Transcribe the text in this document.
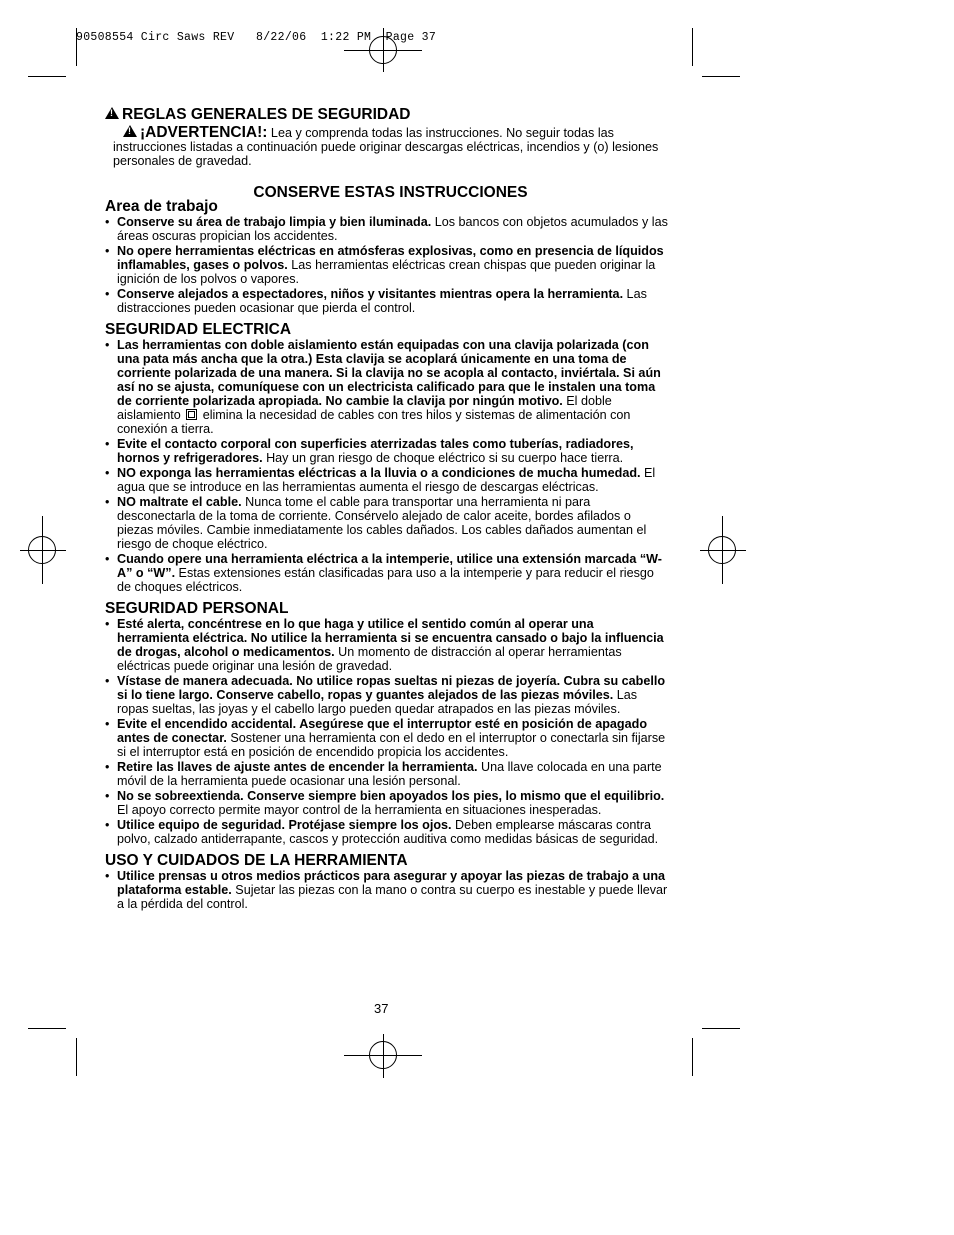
90508554 Circ Saws REV   8/22/06  1:22 PM  Page 37
!REGLAS GENERALES DE SEGURIDAD

!¡ADVERTENCIA!: Lea y comprenda todas las instrucciones. No seguir todas las instrucciones listadas a continuación puede originar descargas eléctricas, incendios y (o) lesiones personales de gravedad.

CONSERVE ESTAS INSTRUCCIONES

Area de trabajo
• Conserve su área de trabajo limpia y bien iluminada. Los bancos con objetos acumulados y las áreas oscuras propician los accidentes.
• No opere herramientas eléctricas en atmósferas explosivas, como en presencia de líquidos inflamables, gases o polvos. Las herramientas eléctricas crean chispas que pueden originar la ignición de los polvos o vapores.
• Conserve alejados a espectadores, niños y visitantes mientras opera la herramienta. Las distracciones pueden ocasionar que pierda el control.
SEGURIDAD ELECTRICA
• Las herramientas con doble aislamiento están equipadas con una clavija polarizada (con una pata más ancha que la otra.) Esta clavija se acoplará únicamente en una toma de corriente polarizada de una manera. Si la clavija no se acopla al contacto, inviértala. Si aún así no se ajusta, comuníquese con un electricista calificado para que le instalen una toma de corriente polarizada apropiada. No cambie la clavija por ningún motivo. El doble aislamiento  elimina la necesidad de cables con tres hilos y sistemas de alimentación con conexión a tierra.
• Evite el contacto corporal con superficies aterrizadas tales como tuberías, radiadores, hornos y refrigeradores. Hay un gran riesgo de choque eléctrico si su cuerpo hace tierra.
• NO exponga las herramientas eléctricas a la lluvia o a condiciones de mucha humedad. El agua que se introduce en las herramientas aumenta el riesgo de descargas eléctricas.
• NO maltrate el cable. Nunca tome el cable para transportar una herramienta ni para desconectarla de la toma de corriente. Consérvelo alejado de calor aceite, bordes afilados o piezas móviles. Cambie inmediatamente los cables dañados. Los cables dañados aumentan el riesgo de choque eléctrico.
• Cuando opere una herramienta eléctrica a la intemperie, utilice una extensión marcada “W-A” o “W”. Estas extensiones están clasificadas para uso a la intemperie y para reducir el riesgo de choques eléctricos.
SEGURIDAD PERSONAL
• Esté alerta, concéntrese en lo que haga y utilice el sentido común al operar una herramienta eléctrica. No utilice la herramienta si se encuentra cansado o bajo la influencia de drogas, alcohol o medicamentos. Un momento de distracción al operar herramientas eléctricas puede originar una lesión de gravedad.
• Vístase de manera adecuada. No utilice ropas sueltas ni piezas de joyería. Cubra su cabello si lo tiene largo. Conserve cabello, ropas y guantes alejados de las piezas móviles. Las ropas sueltas, las joyas y el cabello largo pueden quedar atrapados en las piezas móviles.
• Evite el encendido accidental. Asegúrese que el interruptor esté en posición de apagado antes de conectar. Sostener una herramienta con el dedo en el interruptor o conectarla sin fijarse si el interruptor está en posición de encendido propicia los accidentes.
• Retire las llaves de ajuste antes de encender la herramienta. Una llave colocada en una parte móvil de la herramienta puede ocasionar una lesión personal.
• No se sobreextienda. Conserve siempre bien apoyados los pies, lo mismo que el equilibrio. El apoyo correcto permite mayor control de la herramienta en situaciones inesperadas.
• Utilice equipo de seguridad. Protéjase siempre los ojos. Deben emplearse máscaras contra polvo, calzado antiderrapante, cascos y protección auditiva como medidas básicas de seguridad.
USO Y CUIDADOS DE LA HERRAMIENTA
• Utilice prensas u otros medios prácticos para asegurar y apoyar las piezas de trabajo a una plataforma estable. Sujetar las piezas con la mano o contra su cuerpo es inestable y puede llevar a la pérdida del control.
37
